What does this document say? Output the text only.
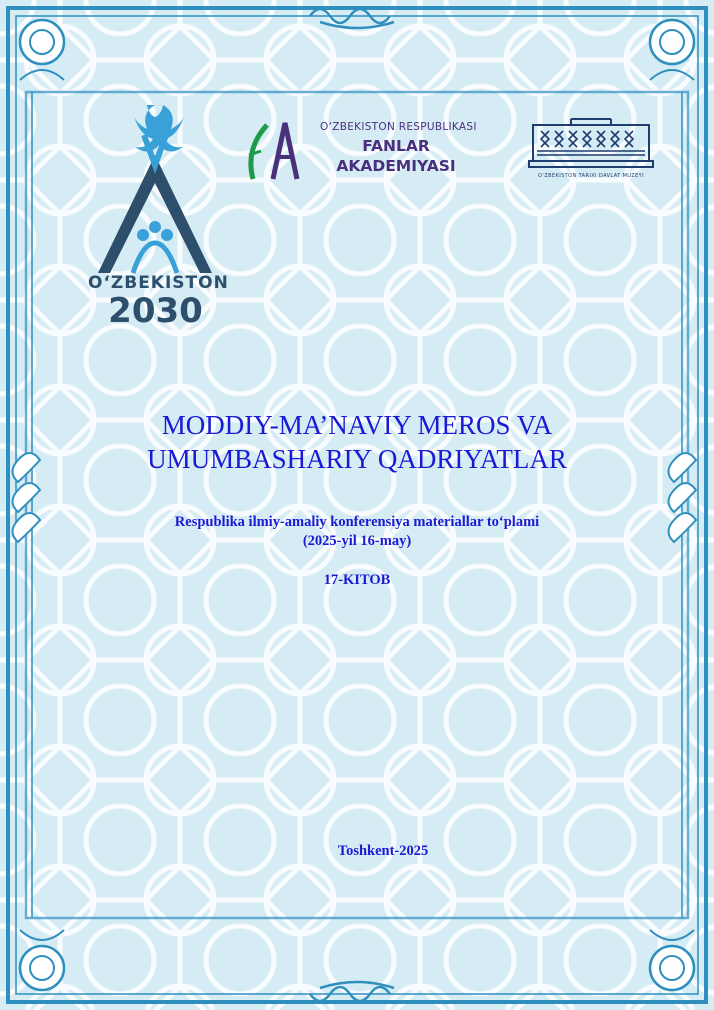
O‘ZBEKISTON
2030
O‘ZBEKISTON RESPUBLIKASI
FANLAR
AKADEMIYASI
O‘ZBEKISTON TARIXI DAVLAT MUZEYI
MODDIY-MA’NAVIY MEROS VA
UMUMBASHARIY QADRIYATLAR
Respublika ilmiy-amaliy konferensiya materiallar to‘plami
(2025-yil 16-may)
17-KITOB
Toshkent-2025
